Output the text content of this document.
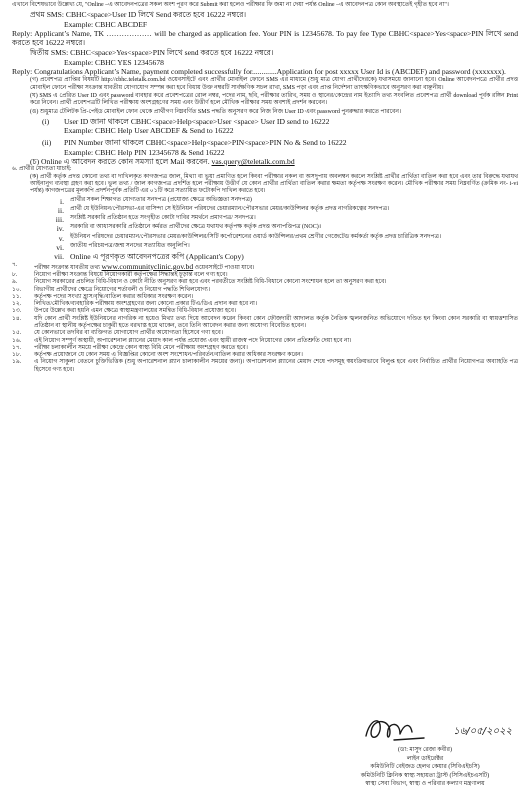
এখানে বিশেষভাবে উল্লেখ্য যে, "Online –এ আবেদনপত্রের সকল অংশ পূরণ করে Submit করা হলেও পরীক্ষার ফি জমা না দেয়া পর্যন্ত Online –এ আবেদনপত্র কোন অবস্থাতেই গৃহীত হবে না"।

প্রথম SMS: CBHC<space>User ID লিখে Send করতে হবে 16222 নম্বরে।
Example: CBHC ABCDEF
Reply: Applicant’s Name, TK ……………… will be charged as application fee. Your PIN is 12345678. To pay fee Type CBHC<space>Yes<space>PIN লিখে send করতে হবে 16222 নম্বরে।
দ্বিতীয় SMS: CBHC<space>Yes<space>PIN লিখে send করতে হবে 16222 নম্বরে।
Example: CBHC YES 12345678
Reply: Congratulations Applicant’s Name, payment completed successfully for.............Application for post xxxxx User Id is (ABCDEF) and password (xxxxxxx).

(গ) প্রবেশপত্র প্রাপ্তির বিষয়টি http://cbhc.teletalk.com.bd ওয়েবসাইটে এবং প্রার্থীর মোবাইল ফোনে SMS এর মাধ্যমে (শুধু মাত্র যোগ্য প্রার্থীদেরকে) যথাসময়ে জানানো হবে। Online আবেদনপত্রে প্রার্থীর প্রদত্ত মোবাইল ফোনে পরীক্ষা সংক্রান্ত যাবতীয় যোগাযোগ সম্পন্ন করা হবে বিধায় উক্ত নম্বরটি সার্বক্ষণিক সচল রাখা, SMS পড়া এবং প্রাপ্ত নির্দেশনা তাৎক্ষণিকভাবে অনুসরণ করা বাঞ্ছনীয়।

(ঘ) SMS এ প্রেরিত User ID এবং password ব্যবহার করে প্রবেশপত্রের রোল নম্বর, পদের নাম, ছবি, পরীক্ষার তারিখ, সময় ও স্থানের/কেন্দ্রের নাম ইত্যাদি তথ্য সংবলিত প্রবেশপত্র প্রার্থী download পূর্বক রঙ্গিন Print করে নিবেন। প্রার্থী প্রবেশপত্রটি লিখিত পরীক্ষায় অংশগ্রহণের সময় এবং উত্তীর্ণ হলে মৌখিক পরীক্ষার সময় অবশ্যই প্রদর্শন করবেন।

(ঙ) শুধুমাত্র টেলিটক প্রি-পেইড মোবাইল ফোন থেকে প্রার্থীগণ নিম্নবর্ণিত SMS পদ্ধতি অনুসরণ করে নিজ নিজ User ID এবং password পুনরুদ্ধার করতে পারবেন।

(i)	User ID জানা থাকলে CBHC<space>Help<space>User <space> User ID send to 16222
Example: CBHC Help User ABCDEF & Send to 16222
(ii)	PIN Number জানা থাকলে CBHC<space>Help<space>PIN<space>PIN No & Send to 16222
Example: CBHC Help PIN 12345678 & Send 16222
(চ) Online এ আবেদন করতে কোন সমস্যা হলে Mail করবেন. vas.query@teletalk.com.bd
৬. প্রার্থীর যোগ্যতা যাচাই:

(ক) প্রার্থী কর্তৃক প্রদত্ত কোনো তথ্য বা দাখিলকৃত কাগজপত্র জাল, মিথ্যা বা ভুয়া প্রমাণিত হলে কিংবা পরীক্ষার নকল বা অসদুপায় অবলম্বন করলে সংশ্লিষ্ট প্রার্থীর প্রার্থিতা বাতিল করা হবে এবং তার বিরুদ্ধে যথাযথ আইনানুগ ব্যবস্থা গ্রহণ করা হবে। ভুল তথ্য / জাল কাগজপত্র প্রদর্শিত হলে পরীক্ষায় উত্তীর্ণ যে কোন প্রার্থীর প্রার্থিতা বাতিল করার ক্ষমতা কর্তৃপক্ষ সংরক্ষণ করেন। মৌখিক পরীক্ষার সময় নিম্নবর্ণিত (ক্রমিক নং- i-vi পর্যন্ত) কাগজপত্রের মূলকপি প্রদর্শনপূর্বক প্রতিটি এর ০১টি করে সত্যায়িত ফটোকপি দাখিল করতে হবে।

i.	প্রার্থীর সকল শিক্ষাগত যোগ্যতার সনদপত্র (প্রযোজ্য ক্ষেত্রে অভিজ্ঞতা সনদপত্র)
ii.	প্রার্থী যে ইউনিয়ন/পৌরসভা-এর বাসিন্দা সে ইউনিয়ন পরিষদের চেয়ারম্যান/পৌরসভার মেয়র/কাউন্সিলর কর্তৃক প্রদত্ত নাগরিকত্বের সনদপত্র।
iii.	সংশ্লিষ্ট সরকারি প্রতিষ্ঠান হতে সংগৃহীত কোটা দাবির সমর্থনে প্রমাণপত্র/ সনদপত্র।
iv.	সরকারি বা আধাসরকারি প্রতিষ্ঠানে কর্মরত প্রার্থীদের ক্ষেত্রে যথাযথ কর্তৃপক্ষ কর্তৃক প্রদত্ত অনাপত্তিপত্র (NOC)।
v.	ইউনিয়ন পরিষদের চেয়ারম্যান/পৌরসভার মেয়র/কাউন্সিলর/সিটি কর্পোরেশনের ওয়ার্ড কাউন্সিলর/প্রথম শ্রেণীর গেজেটেড কর্মকর্তা কর্তৃক প্রদত্ত চারিত্রিক সনদপত্র।
vi.	জাতীয় পরিচয়পত্র/জন্ম সনদের সত্যায়িত অনুলিপি।
vii. Online এ পূরণকৃত আবেদনপত্রের কপি (Applicant's Copy)
৭.	পরীক্ষা সংক্রান্ত যাবতীয় তথ্য www.communityclinic.gov.bd ওয়েবসাইটে পাওয়া যাবে।
৮.	নিয়োগ পরীক্ষা সংক্রান্ত বিষয়ে নিয়োগকারী কর্তৃপক্ষের সিদ্ধান্তই চূড়ান্ত বলে গণ্য হবে।
৯.	নিয়োগ সরকারের প্রচলিত বিধি-বিধান ও কোটা নীতি অনুসরণ করা হবে এবং পরবর্তীতে সংশ্লিষ্ট বিধি-বিধানে কোনো সংশোধন হলে তা অনুসরণ করা হবে।
১০.	বিভাগীয় প্রার্থীদের ক্ষেত্রে নিয়োগের শর্তাবলী ও নিয়োগ পদ্ধতি শিথিলযোগ্য।
১১.	কর্তৃপক্ষ পদের সংখ্যা হ্রাস/বৃদ্ধি/বাতিল করার অধিকার সংরক্ষণ করেন।
১২.	লিখিত/মৌখিক/ব্যবহারিক পরীক্ষায় অংশগ্রহণের জন্য কোনো প্রকার টিএ/ডিএ প্রদান করা হবে না।
১৩.	উপরে উল্লেখ করা হয়নি এমন ক্ষেত্রে স্বাস্থ্যমন্ত্রণালয়ের সমন্বিত বিধি-বিধান প্রযোজ্য হবে।
১৪.	যদি কোন প্রার্থী সংশ্লিষ্ট ইউনিয়নের নাগরিক না হয়েও মিথ্যা তথ্য দিয়ে আবেদন করেন কিংবা কোন ফৌজদারী আদালত কর্তৃক নৈতিক স্খলনজনিত অভিযোগে দণ্ডিত হন কিংবা কোন সরকারি বা স্বায়ত্তশাসিত প্রতিষ্ঠান বা স্থানীয় কর্তৃপক্ষের চাকুরী হতে বরখাস্ত হয়ে থাকেন, তবে তিনি আবেদন করার জন্য অযোগ্য বিবেচিত হবেন।
১৫.	যে কোনভাবে তদবির বা ব্যক্তিগত যোগাযোগ প্রার্থীর অযোগ্যতা হিসেবে গণ্য হবে।
১৬.	এই নিয়োগ সম্পূর্ণ অস্থায়ী, অপারেশনাল প্ল্যানের মেয়াদ কাল পর্যন্ত প্রযোজ্য এবং স্থায়ী রাজস্ব পদে নিয়োগের কোন প্রতিশ্রুতি দেয়া হবে না।
১৭.	পরীক্ষা চলাকালীন সময়ে পরীক্ষা কেন্দ্রে কোন স্বাস্থ্য বিধি মেনে পরীক্ষায় অংশগ্রহণ করতে হবে।
১৮.	কর্তৃপক্ষ প্রয়োজনে যে কোন সময় এ বিজ্ঞপ্তির কোনো অংশ সংশোধন/পরিবর্তন/বাতিল করার অধিকার সংরক্ষণ করেন।
১৯.	এ নিয়োগ সাকুল্য বেতনে চুক্তিভিত্তিক (শুধু অপারেশনাল প্ল্যান চালাকালীন সময়ের জন্য)। অপারেশনাল প্ল্যানের মেয়াদ শেষে পদসমূহ স্বয়ংক্রিয়ভাবে বিলুপ্ত হবে এবং নির্বাচিত প্রার্থীর নিয়োগপত্র অব্যাহতি পত্র হিসেবে গণ্য হবে।
১৬/০৫/২০২২
(ডা: মাসুদ রেজা কবীর)
লাইন ডাইরেক্টর
কমিউনিটি বেইজড হেলথ কেয়ার (সিবিএইচসি)
কমিউনিটি ক্লিনিক স্বাস্থ্য সহায়তা ট্রাস্ট (সিসিএইচএসটি)
স্বাস্থ্য সেবা বিভাগ, স্বাস্থ্য ও পরিবার কল্যাণ মন্ত্রণালয়
